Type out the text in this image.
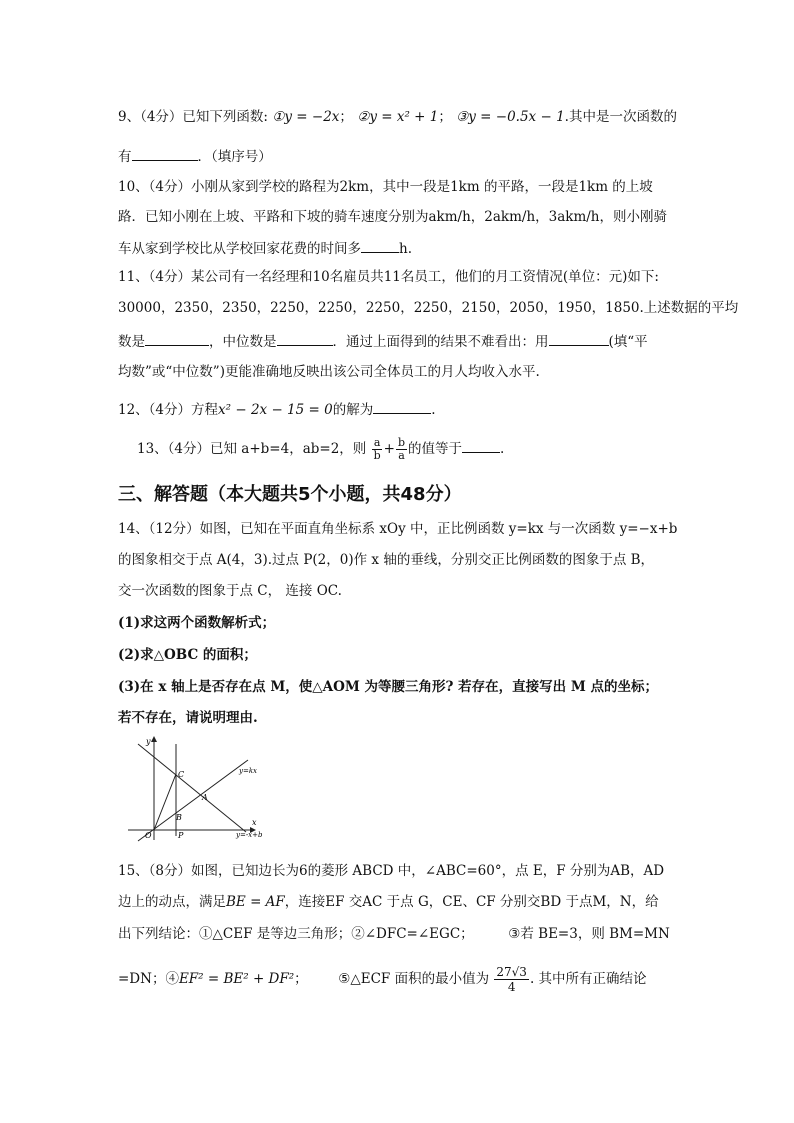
9、（4分）已知下列函数: ①y = −2x； ②y = x² + 1； ③y = −0.5x − 1.其中是一次函数的
有	．（填序号）
10、（4分）小刚从家到学校的路程为2km，其中一段是1km 的平路，一段是1km 的上坡
路．已知小刚在上坡、平路和下坡的骑车速度分别为akm/h，2akm/h，3akm/h，则小刚骑
车从家到学校比从学校回家花费的时间多	h.
11、（4分）某公司有一名经理和10名雇员共11名员工，他们的月工资情况(单位：元)如下:
30000，2350，2350，2250，2250，2250，2250，2150，2050，1950，1850.上述数据的平均
数是	，中位数是	．通过上面得到的结果不难看出：用	(填“平
均数”或“中位数”)更能准确地反映出该公司全体员工的月人均收入水平.
12、（4分）方程x² − 2x − 15 = 0的解为	.
13、（4分）已知 a+b=4，ab=2，则 $\frac{a}{b} + \frac{b}{a}$ 的值等于	.
三、解答题（本大题共5个小题，共48分）
14、（12分）如图，已知在平面直角坐标系 xOy 中，正比例函数 y=kx 与一次函数 y=−x+b
的图象相交于点 A(4，3).过点 P(2，0)作 x 轴的垂线，分别交正比例函数的图象于点 B，
交一次函数的图象于点 C， 连接 OC.
(1)求这两个函数解析式；
(2)求△OBC 的面积；
(3)在 x 轴上是否存在点 M，使△AOM 为等腰三角形? 若存在，直接写出 M 点的坐标；
若不存在，请说明理由.
y
x
O	P
B
C
A
y=kx
y=-x+b
15、（8分）如图，已知边长为6的菱形 ABCD 中，∠ABC=60°，点 E，F 分别为AB，AD
边上的动点，满足BE = AF，连接EF 交AC 于点 G，CE、CF 分别交BD 于点M，N，给
出下列结论：①△CEF 是等边三角形；②∠DFC=∠EGC；	③若 BE=3，则 BM=MN
=DN；④EF² = BE² + DF²； ⑤△ECF 面积的最小值为 $\frac{27√3}{4}$ . 其中所有正确结论
